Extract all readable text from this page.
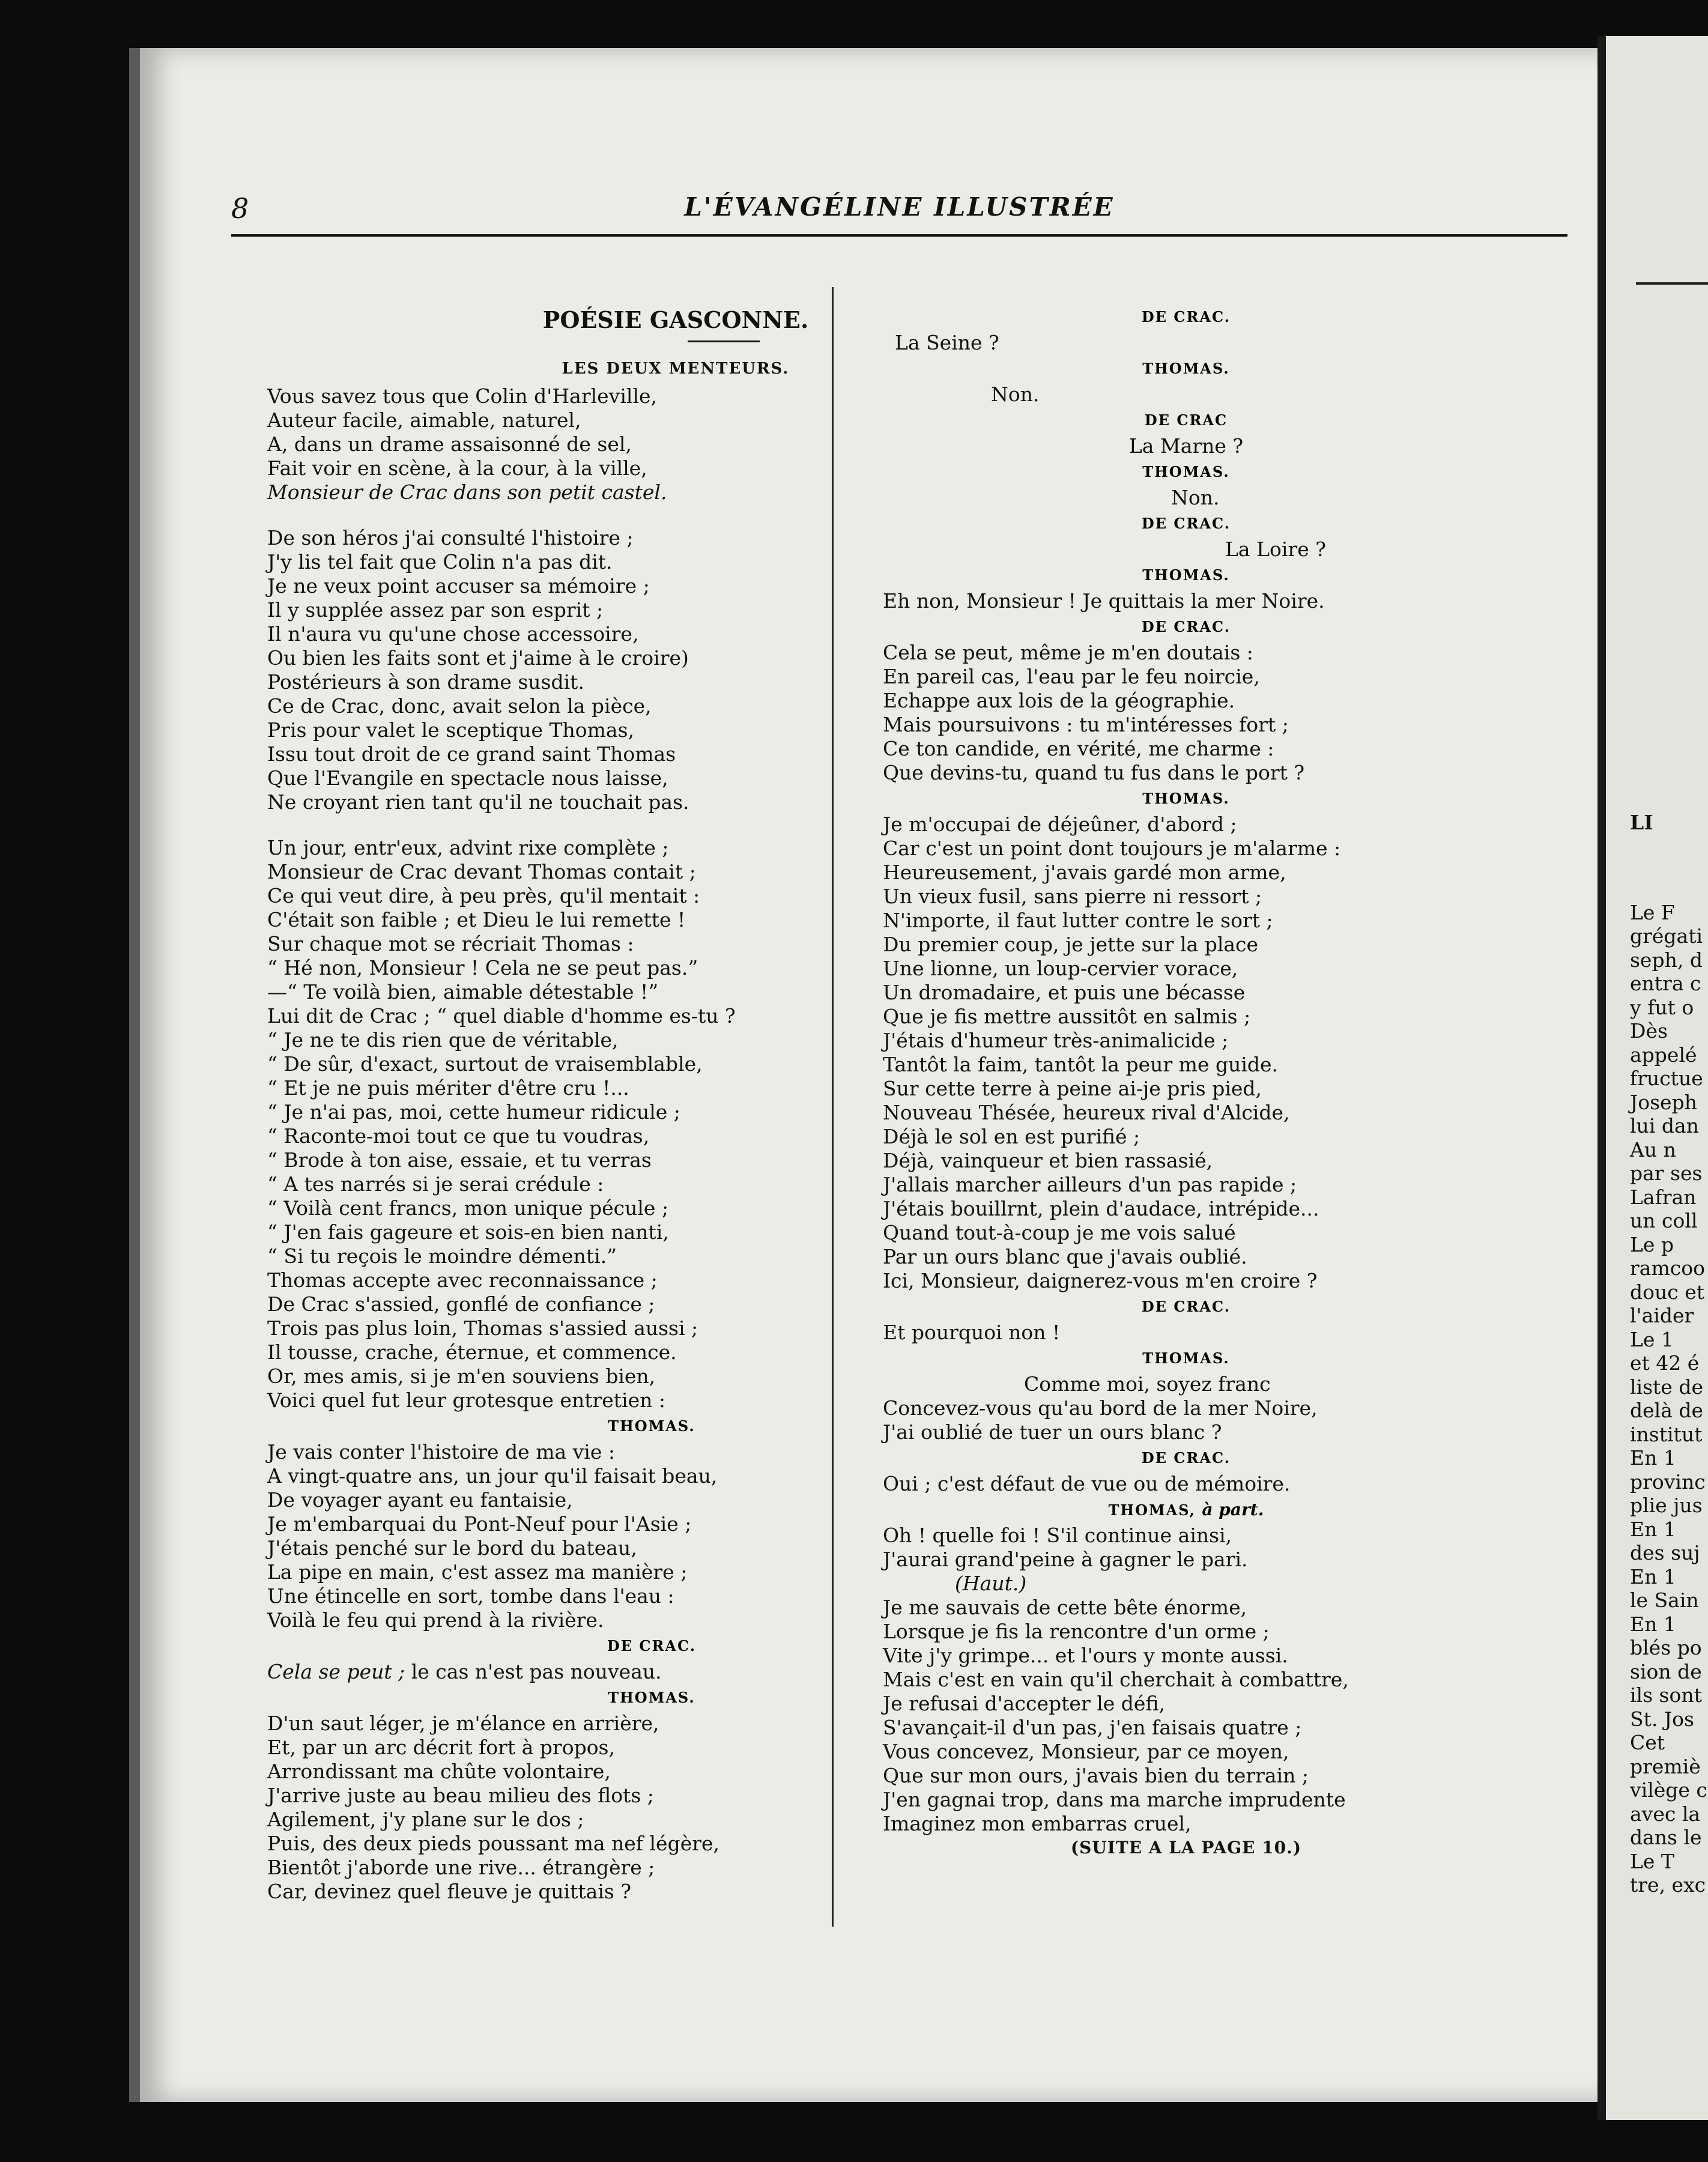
LI
Le F
grégati
seph, d
entra c
y fut o
Dès
appelé
fructue
Joseph
lui dan
Au n
par ses
Lafran
un coll
Le p
ramcoo
douc et
l'aider
Le 1
et 42 é
liste de
delà de
institut
En 1
provinc
plie jus
En 1
des suj
En 1
le Sain
En 1
blés po
sion de
ils sont
St. Jos
Cet
premiè
vilège c
avec la
dans le
Le T
tre, exc
8	L'ÉVANGÉLINE ILLUSTRÉE
POÉSIE GASCONNE.
LES DEUX MENTEURS.
Vous savez tous que Colin d'Harleville,
Auteur facile, aimable, naturel,
A, dans un drame assaisonné de sel,
Fait voir en scène, à la cour, à la ville,
Monsieur de Crac dans son petit castel.
De son héros j'ai consulté l'histoire ;
J'y lis tel fait que Colin n'a pas dit.
Je ne veux point accuser sa mémoire ;
Il y supplée assez par son esprit ;
Il n'aura vu qu'une chose accessoire,
Ou bien les faits sont et j'aime à le croire)
Postérieurs à son drame susdit.
Ce de Crac, donc, avait selon la pièce,
Pris pour valet le sceptique Thomas,
Issu tout droit de ce grand saint Thomas
Que l'Evangile en spectacle nous laisse,
Ne croyant rien tant qu'il ne touchait pas.
Un jour, entr'eux, advint rixe complète ;
Monsieur de Crac devant Thomas contait ;
Ce qui veut dire, à peu près, qu'il mentait :
C'était son faible ; et Dieu le lui remette !
Sur chaque mot se récriait Thomas :
“ Hé non, Monsieur ! Cela ne se peut pas.”
—“ Te voilà bien, aimable détestable !”
Lui dit de Crac ; “ quel diable d'homme es-tu ?
“ Je ne te dis rien que de véritable,
“ De sûr, d'exact, surtout de vraisemblable,
“ Et je ne puis mériter d'être cru !...
“ Je n'ai pas, moi, cette humeur ridicule ;
“ Raconte-moi tout ce que tu voudras,
“ Brode à ton aise, essaie, et tu verras
“ A tes narrés si je serai crédule :
“ Voilà cent francs, mon unique pécule ;
“ J'en fais gageure et sois-en bien nanti,
“ Si tu reçois le moindre démenti.”
Thomas accepte avec reconnaissance ;
De Crac s'assied, gonflé de confiance ;
Trois pas plus loin, Thomas s'assied aussi ;
Il tousse, crache, éternue, et commence.
Or, mes amis, si je m'en souviens bien,
Voici quel fut leur grotesque entretien :
THOMAS.
Je vais conter l'histoire de ma vie :
A vingt-quatre ans, un jour qu'il faisait beau,
De voyager ayant eu fantaisie,
Je m'embarquai du Pont-Neuf pour l'Asie ;
J'étais penché sur le bord du bateau,
La pipe en main, c'est assez ma manière ;
Une étincelle en sort, tombe dans l'eau :
Voilà le feu qui prend à la rivière.
DE CRAC.
Cela se peut ; le cas n'est pas nouveau.
THOMAS.
D'un saut léger, je m'élance en arrière,
Et, par un arc décrit fort à propos,
Arrondissant ma chûte volontaire,
J'arrive juste au beau milieu des flots ;
Agilement, j'y plane sur le dos ;
Puis, des deux pieds poussant ma nef légère,
Bientôt j'aborde une rive... étrangère ;
Car, devinez quel fleuve je quittais ?
DE CRAC.
La Seine ?
THOMAS.
Non.
DE CRAC
La Marne ?
THOMAS.
Non.
DE CRAC.
La Loire ?
THOMAS.
Eh non, Monsieur ! Je quittais la mer Noire.
DE CRAC.
Cela se peut, même je m'en doutais :
En pareil cas, l'eau par le feu noircie,
Echappe aux lois de la géographie.
Mais poursuivons : tu m'intéresses fort ;
Ce ton candide, en vérité, me charme :
Que devins-tu, quand tu fus dans le port ?
THOMAS.
Je m'occupai de déjeûner, d'abord ;
Car c'est un point dont toujours je m'alarme :
Heureusement, j'avais gardé mon arme,
Un vieux fusil, sans pierre ni ressort ;
N'importe, il faut lutter contre le sort ;
Du premier coup, je jette sur la place
Une lionne, un loup-cervier vorace,
Un dromadaire, et puis une bécasse
Que je fis mettre aussitôt en salmis ;
J'étais d'humeur très-animalicide ;
Tantôt la faim, tantôt la peur me guide.
Sur cette terre à peine ai-je pris pied,
Nouveau Thésée, heureux rival d'Alcide,
Déjà le sol en est purifié ;
Déjà, vainqueur et bien rassasié,
J'allais marcher ailleurs d'un pas rapide ;
J'étais bouillrnt, plein d'audace, intrépide...
Quand tout-à-coup je me vois salué
Par un ours blanc que j'avais oublié.
Ici, Monsieur, daignerez-vous m'en croire ?
DE CRAC.
Et pourquoi non !
THOMAS.
Comme moi, soyez franc
Concevez-vous qu'au bord de la mer Noire,
J'ai oublié de tuer un ours blanc ?
DE CRAC.
Oui ; c'est défaut de vue ou de mémoire.
THOMAS, à part.
Oh ! quelle foi ! S'il continue ainsi,
J'aurai grand'peine à gagner le pari.
(Haut.)
Je me sauvais de cette bête énorme,
Lorsque je fis la rencontre d'un orme ;
Vite j'y grimpe... et l'ours y monte aussi.
Mais c'est en vain qu'il cherchait à combattre,
Je refusai d'accepter le défi,
S'avançait-il d'un pas, j'en faisais quatre ;
Vous concevez, Monsieur, par ce moyen,
Que sur mon ours, j'avais bien du terrain ;
J'en gagnai trop, dans ma marche imprudente
Imaginez mon embarras cruel,
(SUITE A LA PAGE 10.)
